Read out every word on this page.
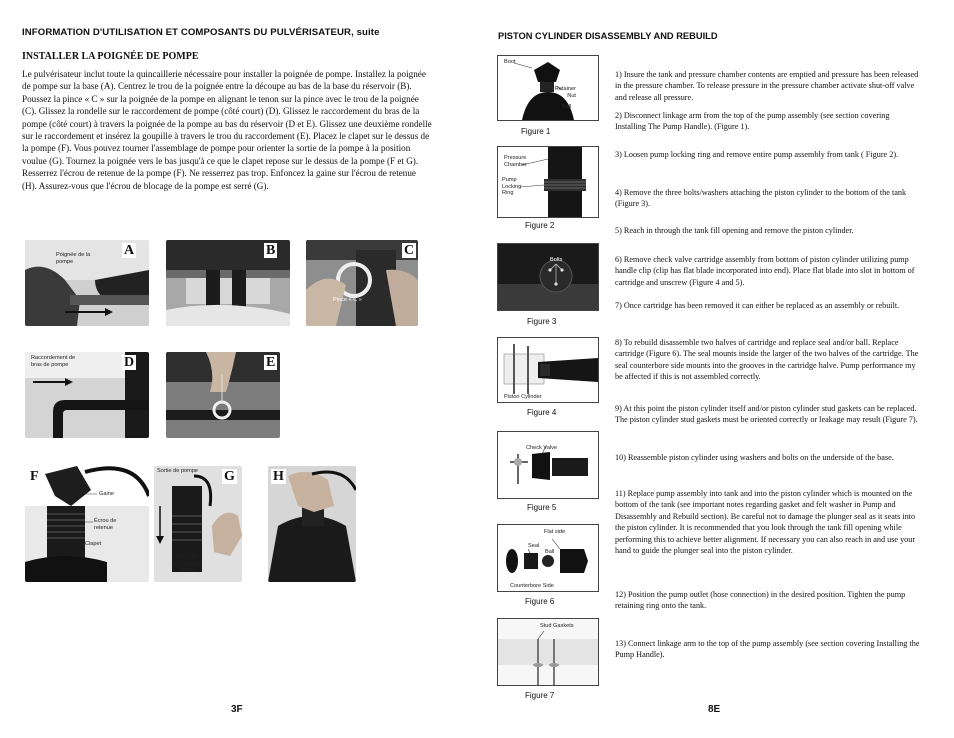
INFORMATION D'UTILISATION ET COMPOSANTS DU PULVÉRISATEUR, suite
INSTALLER LA POIGNÉE DE POMPE

Le pulvérisateur inclut toute la quincaillerie nécessaire pour installer la poignée de pompe. Installez la poignée de pompe sur la base (A). Centrez le trou de la poignée entre la découpe au bas de la base du réservoir (B). Poussez la pince « C » sur la poignée de la pompe en alignant le tenon sur la pince avec le trou de la poignée (C). Glissez la rondelle sur le raccordement de pompe (côté court) (D). Glissez le raccordement du bras de la pompe (côté court) à travers la poignée de la pompe au bas du réservoir (D et E). Glissez une deuxième rondelle sur le raccordement et insérez la goupille à travers le trou du raccordement (E). Placez le clapet sur le dessus de la pompe (F). Vous pouvez tourner l'assemblage de pompe pour orienter la sortie de la pompe à la position voulue (G). Tournez la poignée vers le bas jusqu'à ce que le clapet repose sur le dessus de la pompe (F et G). Resserrez l'écrou de retenue de la pompe (F). Ne resserrez pas trop. Enfoncez la gaine sur l'écrou de retenue (H). Assurez-vous que l'écrou de blocage de la pompe est serré (G).

Poignée de la pompe
A	B
Pince « C »
C
Raccordement de bras de pompe	D	E
Gaine
Écrou de retenue
Clapet
F	Sortie de pompe
Écrou de blocage de pompe
G	H
3F
PISTON CYLINDER DISASSEMBLY AND REBUILD
Boot
Retainer Nut
Ball
Figure 1
Pressure Chamber
Pump Locking Ring
Figure 2
Bolts
Figure 3
Piston Cylinder
Figure 4
Check Valve
Figure 5
Flat side
Seal
Ball
Counterbore Side
Figure 6
Stud Gaskets
Figure 7
1) Insure the tank and pressure chamber contents are emptied and pressure has been released in the pressure chamber. To release pressure in the pressure chamber activate shut-off valve and release all pressure.
2) Disconnect linkage arm from the top of the pump assembly (see section covering Installing The Pump Handle). (Figure 1).
3) Loosen pump locking ring and remove entire pump assembly from tank ( Figure 2).
4) Remove the three bolts/washers attaching the piston cylinder to the bottom of the tank (Figure 3).
5) Reach in through the tank fill opening and remove the piston cylinder.
6) Remove check valve cartridge assembly from bottom of piston cylinder utilizing pump handle clip (clip has flat blade incorporated into end). Place flat blade into slot in bottom of cartridge and unscrew (Figure 4 and 5).
7) Once cartridge has been removed it can either be replaced as an assembly or rebuilt.
8) To rebuild disassemble two halves of cartridge and replace seal and/or ball. Replace cartridge (Figure 6). The seal mounts inside the larger of the two halves of the cartridge. The seal counterbore side mounts into the grooves in the cartridge halve. Pump performance my be affected if this is not assembled correctly.
9) At this point the piston cylinder itself and/or piston cylinder stud gaskets can be replaced. The piston cylinder stud gaskets must be oriented correctly or leakage may result (Figure 7).
10) Reassemble piston cylinder using washers and bolts on the underside of the base.
11) Replace pump assembly into tank and into the piston cylinder which is mounted on the bottom of the tank (see important notes regarding gasket and felt washer in Pump and Disassembly and Rebuild section). Be careful not to damage the plunger seal as it seats into the piston cylinder. It is recommended that you look through the tank fill opening while performing this to achieve better alignment. If necessary you can also reach in and use your hand to guide the plunger seal into the piston cylinder.
12) Position the pump outlet (hose connection) in the desired position. Tighten the pump retaining ring onto the tank.
13) Connect linkage arm to the top of the pump assembly (see section covering Installing the Pump Handle).
8E
